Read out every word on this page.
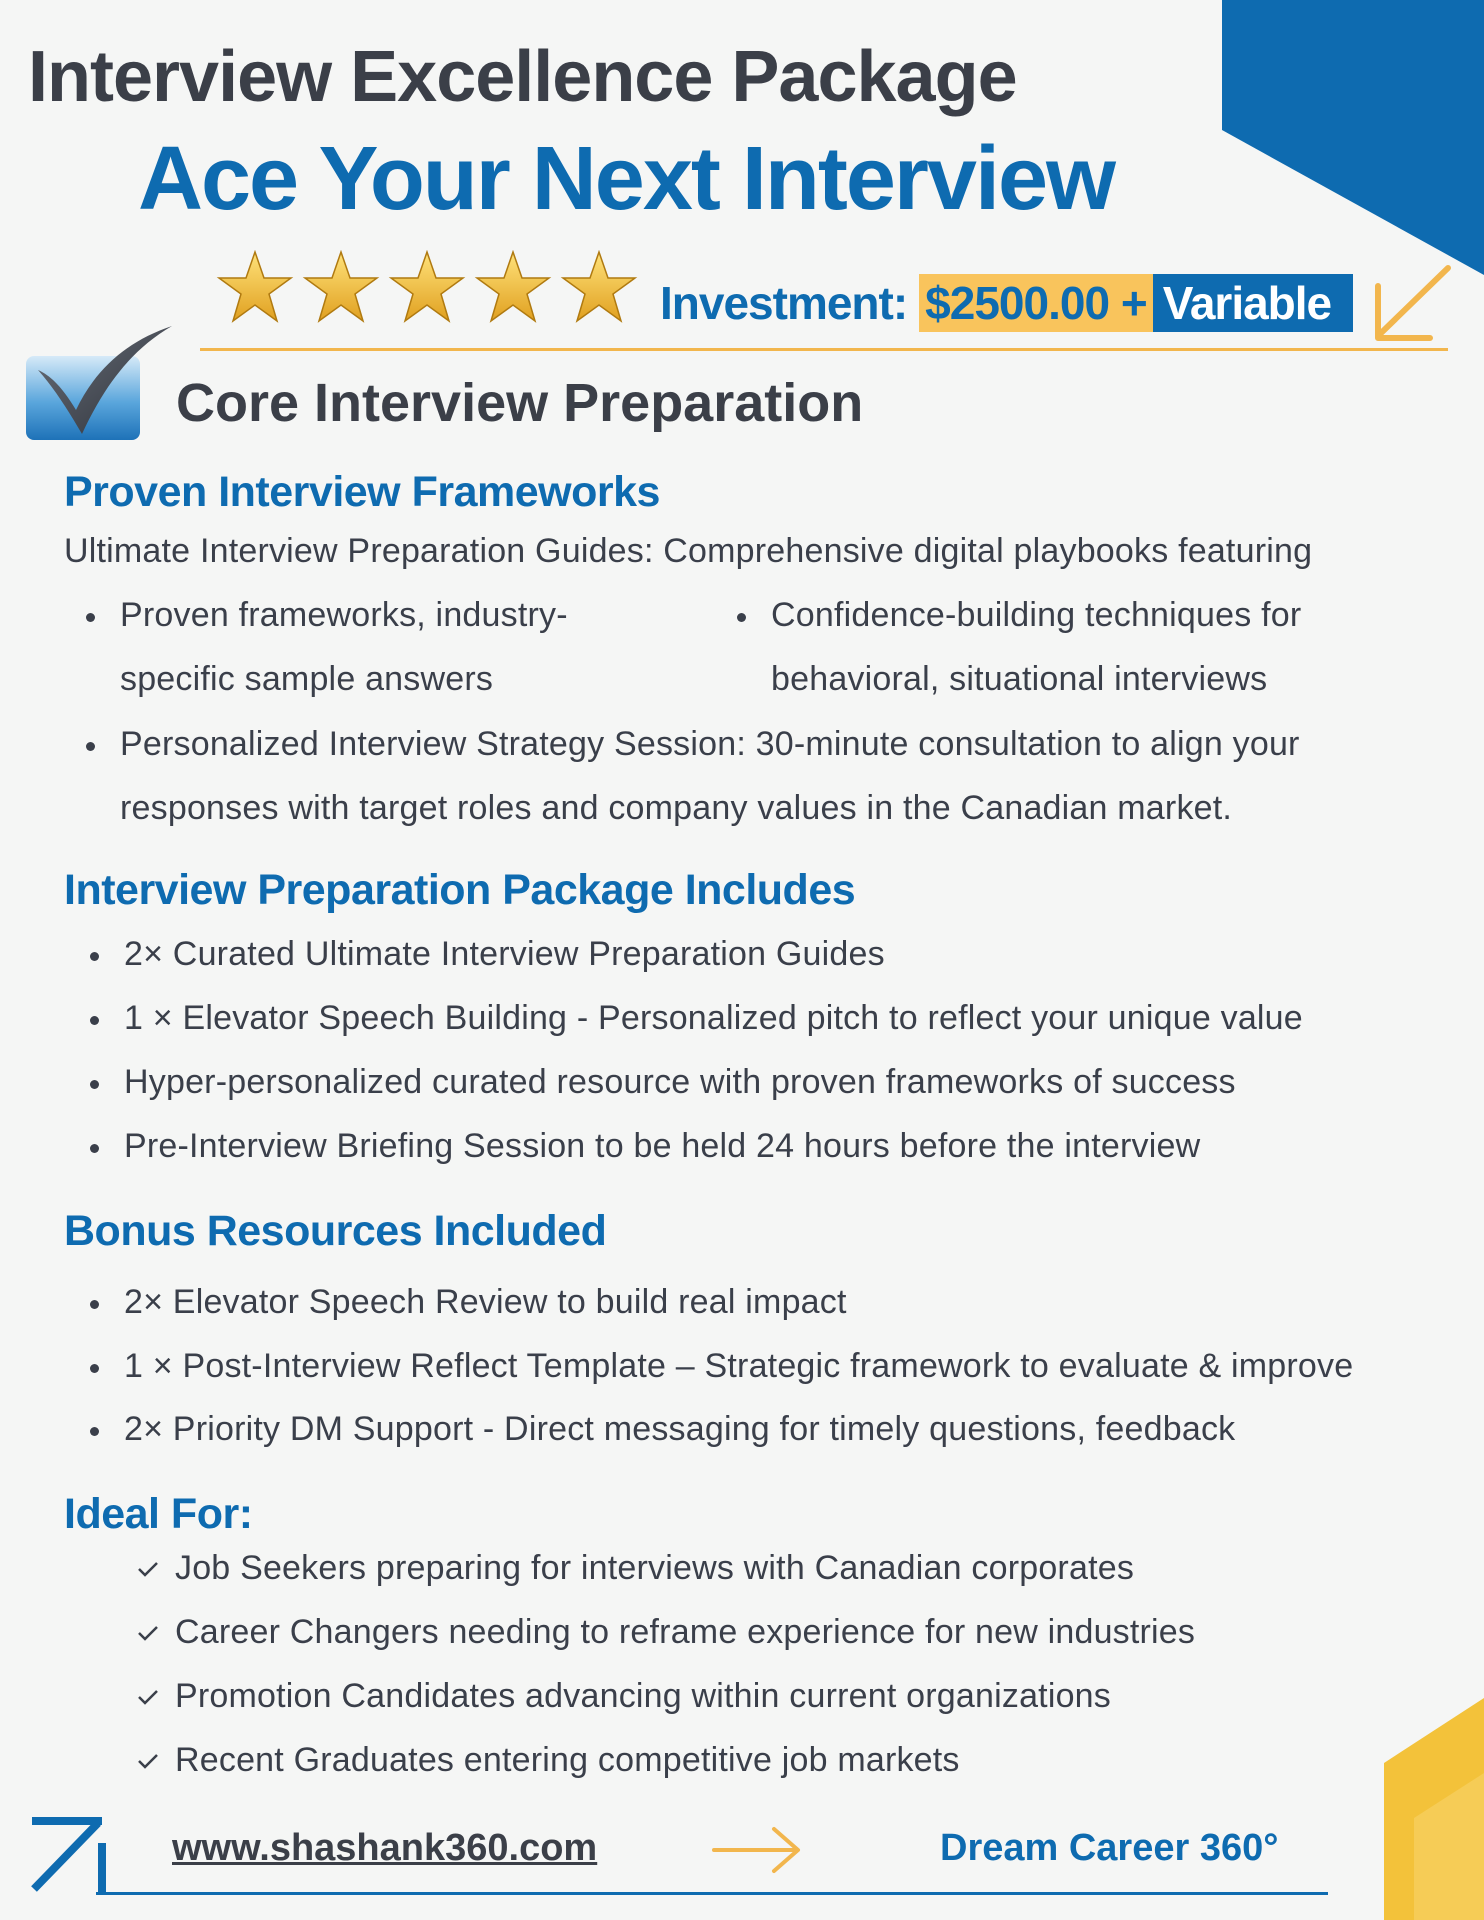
Interview Excellence Package
Ace Your Next Interview
Investment: $2500.00 + Variable
Core Interview Preparation
Proven Interview Frameworks
Ultimate Interview Preparation Guides: Comprehensive digital playbooks featuring
Proven frameworks, industry-
specific sample answers
Confidence-building techniques for
behavioral, situational interviews
Personalized Interview Strategy Session: 30-minute consultation to align your
responses with target roles and company values in the Canadian market.
Interview Preparation Package Includes
2× Curated Ultimate Interview Preparation Guides
1 × Elevator Speech Building - Personalized pitch to reflect your unique value
Hyper-personalized curated resource with proven frameworks of success
Pre-Interview Briefing Session to be held 24 hours before the interview
Bonus Resources Included
2× Elevator Speech Review to build real impact
1 × Post-Interview Reflect Template – Strategic framework to evaluate & improve
2× Priority DM Support - Direct messaging for timely questions, feedback
Ideal For:
Job Seekers preparing for interviews with Canadian corporates
Career Changers needing to reframe experience for new industries
Promotion Candidates advancing within current organizations
Recent Graduates entering competitive job markets
www.shashank360.com	Dream Career 360°
